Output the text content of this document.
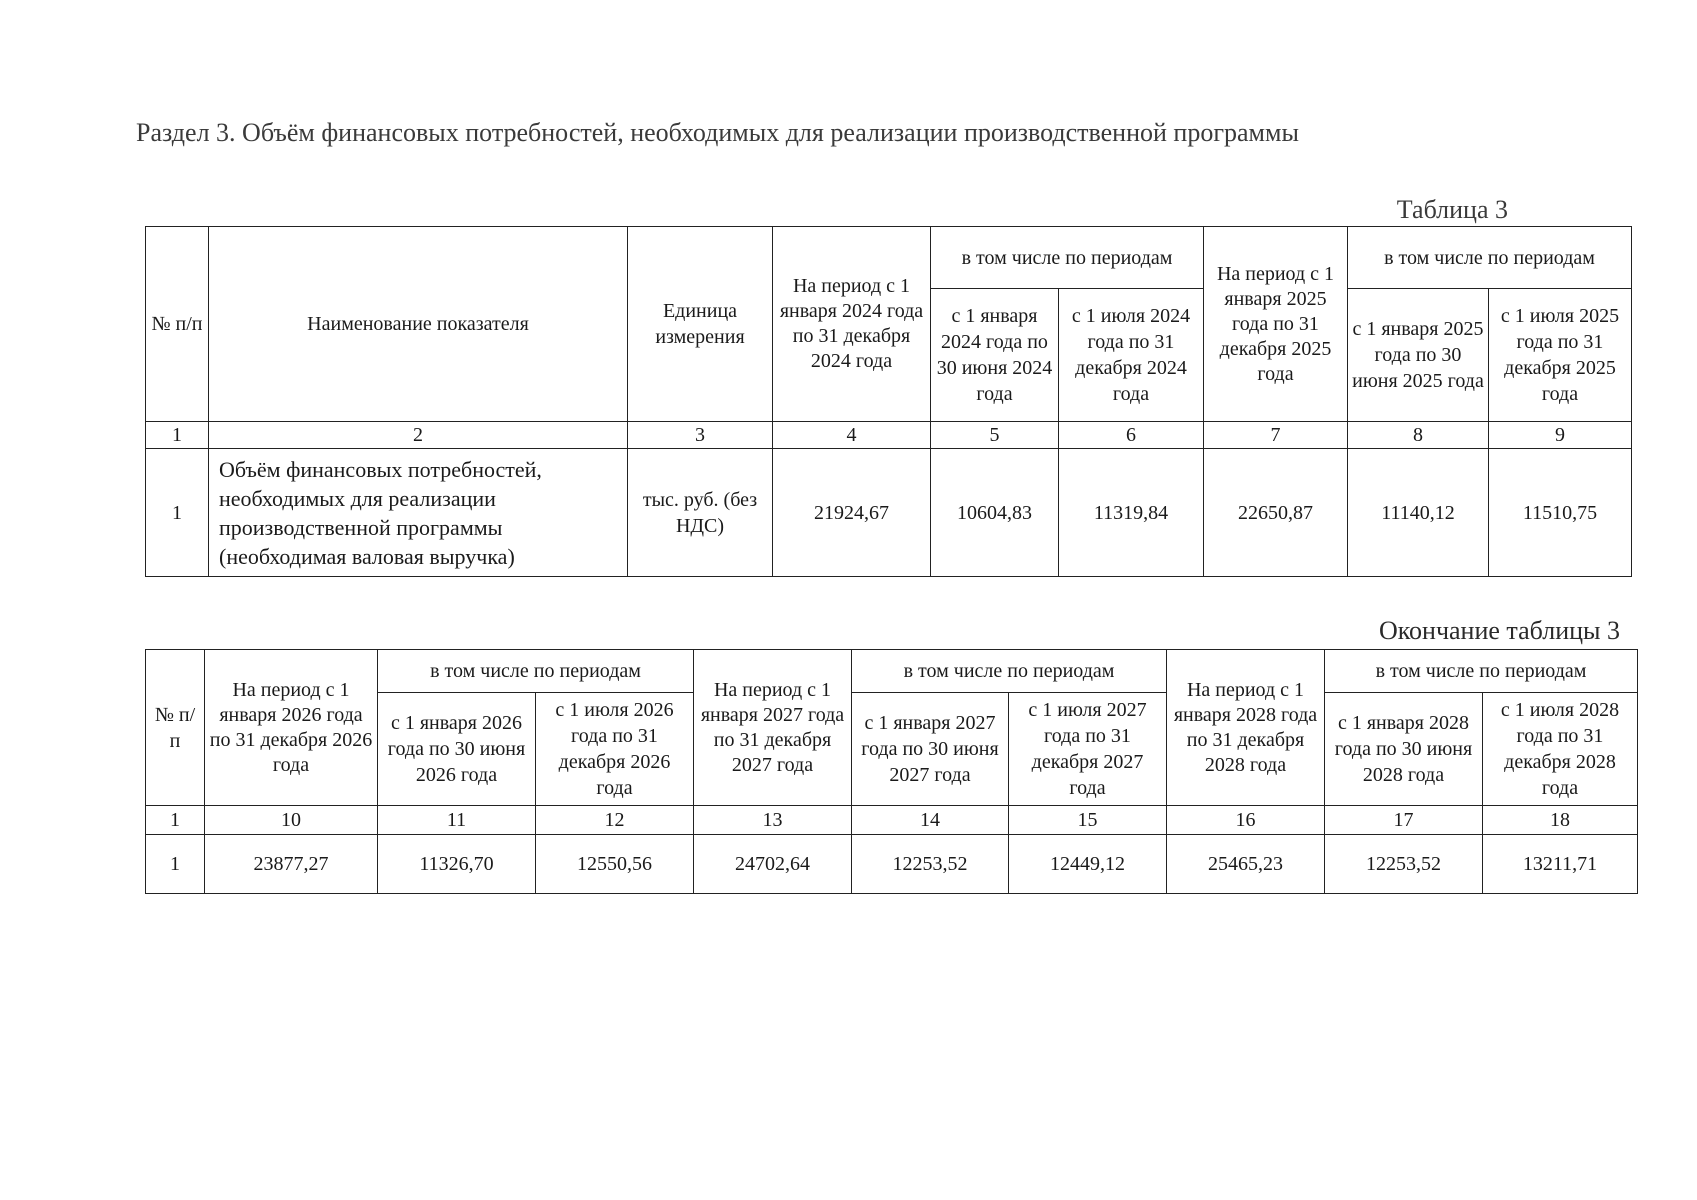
Раздел 3. Объём финансовых потребностей, необходимых для реализации производственной программы
Таблица 3
№ п/п	Наименование показателя	Единица измерения	На период с 1 января 2024 года по 31 декабря 2024 года	в том числе по периодам		На период с 1 января 2025 года по 31 декабря 2025 года	в том числе по периодам	
				с 1 января 2024 года по 30 июня 2024 года	с 1 июля 2024 года по 31 декабря 2024 года		с 1 января 2025 года по 30 июня 2025 года	с 1 июля 2025 года по 31 декабря 2025 года
1	2	3	4	5	6	7	8	9
1	Объём финансовых потребностей, необходимых для реализации производственной программы (необходимая валовая выручка)	тыс. руб. (без НДС)	21924,67	10604,83	11319,84	22650,87	11140,12	11510,75
Окончание таблицы 3
№ п/п	На период с 1 января 2026 года по 31 декабря 2026 года	в том числе по периодам		На период с 1 января 2027 года по 31 декабря 2027 года	в том числе по периодам		На период с 1 января 2028 года по 31 декабря 2028 года	в том числе по периодам	
		с 1 января 2026 года по 30 июня 2026 года	с 1 июля 2026 года по 31 декабря 2026 года		с 1 января 2027 года по 30 июня 2027 года	с 1 июля 2027 года по 31 декабря 2027 года		с 1 января 2028 года по 30 июня 2028 года	с 1 июля 2028 года по 31 декабря 2028 года
1	10	11	12	13	14	15	16	17	18
1	23877,27	11326,70	12550,56	24702,64	12253,52	12449,12	25465,23	12253,52	13211,71
